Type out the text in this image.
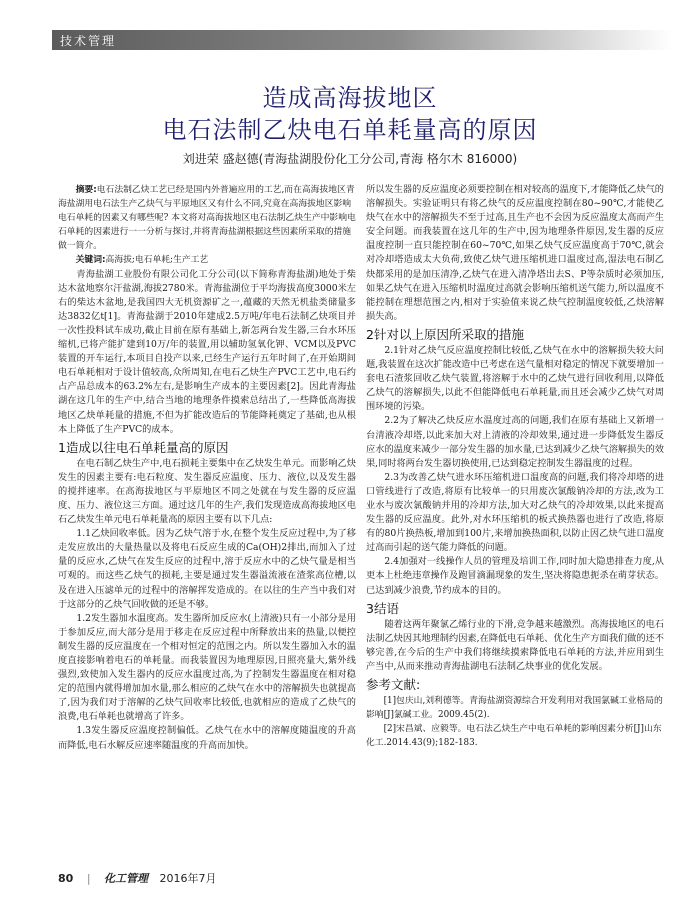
技术管理
造成高海拔地区
电石法制乙炔电石单耗量高的原因
刘进荣 盛赵德(青海盐湖股份化工分公司,青海 格尔木 816000)

摘要:电石法制乙炔工艺已经是国内外普遍应用的工艺,而在高海拔地区青海盐湖用电石法生产乙炔气与平原地区又有什么不同,究竟在高海拔地区影响电石单耗的因素又有哪些呢? 本文将对高海拔地区电石法制乙炔生产中影响电石单耗的因素进行一一分析与探讨,并将青海盐湖根据这些因素所采取的措施做一简介。

关键词:高海拔;电石单耗;生产工艺

青海盐湖工业股份有限公司化工分公司(以下简称青海盐湖)地处于柴达木盆地察尔汗盐湖,海拔2780米。青海盐湖位于平均海拔高度3000米左右的柴达木盆地,是我国四大无机资源矿之一,蕴藏的天然无机盐类储量多达3832亿t[1]。青海盐湖于2010年建成2.5万吨/年电石法制乙炔项目并一次性投料试车成功,截止目前在原有基础上,新怎两台发生器,三台水环压缩机,已将产能扩建到10万/年的装置,用以辅助氢氧化钾、VCM以及PVC装置的开车运行,本项目自投产以来,已经生产运行五年时间了,在开始期间电石单耗相对于设计值较高,众所周知,在电石乙炔生产PVC工艺中,电石约占产品总成本的63.2%左右,是影响生产成本的主要因素[2]。因此青海盐湖在这几年的生产中,结合当地的地理条件摸索总结出了,一些降低高海拔地区乙炔单耗量的措施,不但为扩能改造后的节能降耗奠定了基础,也从根本上降低了生产PVC的成本。

1造成以往电石单耗量高的原因

在电石制乙炔生产中,电石损耗主要集中在乙炔发生单元。而影响乙炔发生的因素主要有:电石粒度、发生器反应温度、压力、液位,以及发生器的搅拌速率。在高海拔地区与平原地区不同之处就在与发生器的反应温度、压力、液位这三方面。通过这几年的生产,我们发现造成高海拔地区电石乙炔发生单元电石单耗量高的原因主要有以下几点:

1.1乙炔回收率低。因为乙炔气溶于水,在整个发生反应过程中,为了移走发应放出的大量热量以及将电石反应生成的Ca(OH)2排出,而加入了过量的反应水,乙炔气在发生反应的过程中,溶于反应水中的乙炔气量是相当可观的。而这些乙炔气的损耗,主要是通过发生器溢流液在渣浆高位槽,以及在进入压滤单元的过程中的溶解挥发造成的。在以往的生产当中我们对于这部分的乙炔气回收做的还是不够。

1.2发生器加水温度高。发生器所加反应水(上清液)只有一小部分是用于参加反应,而大部分是用于移走在反应过程中所释放出来的热量,以便控制发生器的反应温度在一个相对恒定的范围之内。所以发生器加入水的温度直接影响着电石的单耗量。而我装置因为地理原因,日照亮量大,紫外线强烈,致使加入发生器内的反应水温度过高,为了控制发生器温度在相对稳定的范围内就得增加加水量,那么相应的乙炔气在水中的溶解损失也就提高了,因为我们对于溶解的乙炔气回收率比较低,也就相应的造成了乙炔气的浪费,电石单耗也就增高了许多。

1.3发生器反应温度控制偏低。乙炔气在水中的溶解度随温度的升高而降低,电石水解反应速率随温度的升高而加快。

所以发生器的反应温度必须要控制在相对较高的温度下,才能降低乙炔气的溶解损失。实验证明只有将乙炔气的反应温度控制在80~90℃,才能使乙炔气在水中的溶解损失不至于过高,且生产也不会因为反应温度太高而产生安全问题。而我装置在这几年的生产中,因为地理条件原因,发生器的反应温度控制一直只能控制在60~70℃,如果乙炔气反应温度高于70℃,就会对冷却塔造成太大负荷,致使乙炔气进压缩机进口温度过高,湿法电石制乙炔都采用的是加压清净,乙炔气在进入清净塔出去S、P等杂质时必须加压,如果乙炔气在进入压缩机时温度过高就会影响压缩机送气能力,所以温度不能控制在理想范围之内,相对于实验值来说乙炔气控制温度较低,乙炔溶解损失高。

2针对以上原因所采取的措施

2.1针对乙炔气反应温度控制比较低,乙炔气在水中的溶解损失较大问题,我装置在这次扩能改造中已考虑在送气量相对稳定的情况下就要增加一套电石渣浆回收乙炔气装置,将溶解于水中的乙炔气进行回收利用,以降低乙炔气的溶解损失,以此不但能降低电石单耗量,而且还会减少乙炔气对周围环境的污染。

2.2为了解决乙炔反应水温度过高的问题,我们在原有基础上又新增一台清液冷却塔,以此来加大对上清液的冷却效果,通过进一步降低发生器反应水的温度来减少一部分发生器的加水量,已达到减少乙炔气溶解损失的效果,同时将两台发生器切换使用,已达到稳定控制发生器温度的过程。

2.3为改善乙炔气进水环压缩机进口温度高的问题,我们将冷却塔的进口管线进行了改造,将原有比较单一的只用废次氯酸钠冷却的方法,改为工业水与废次氯酸钠并用的冷却方法,加大对乙炔气的冷却效果,以此来提高发生器的反应温度。此外,对水环压缩机的板式换热器也进行了改造,将原有的80片换热板,增加到100片,来增加换热面积,以防止因乙炔气进口温度过高而引起的送气能力降低的问题。

2.4加强对一线操作人员的管理及培训工作,同时加大隐患排查力度,从更本上杜绝违章操作及跑冒滴漏现象的发生,坚决将隐患扼杀在萌芽状态。已达到减少浪费,节约成本的目的。

3结语

随着这两年聚氯乙烯行业的下滑,竞争越来越激烈。高海拔地区的电石法制乙炔因其地理制约因素,在降低电石单耗、优化生产方面我们做的还不够完善,在今后的生产中我们将继续摸索降低电石单耗的方法,并应用到生产当中,从而来推动青海盐湖电石法制乙炔事业的优化发展。

参考文献:

[1]包庆山,刘利德等。青海盐湖资源综合开发利用对我国氯碱工业格局的影响[J]氯碱工业。2009.45(2).

[2]宋昌斌、应毅等。电石法乙炔生产中电石单耗的影响因素分析[J]山东化工.2014.43(9);182-183.

80 | 化工管理 2016年7月
